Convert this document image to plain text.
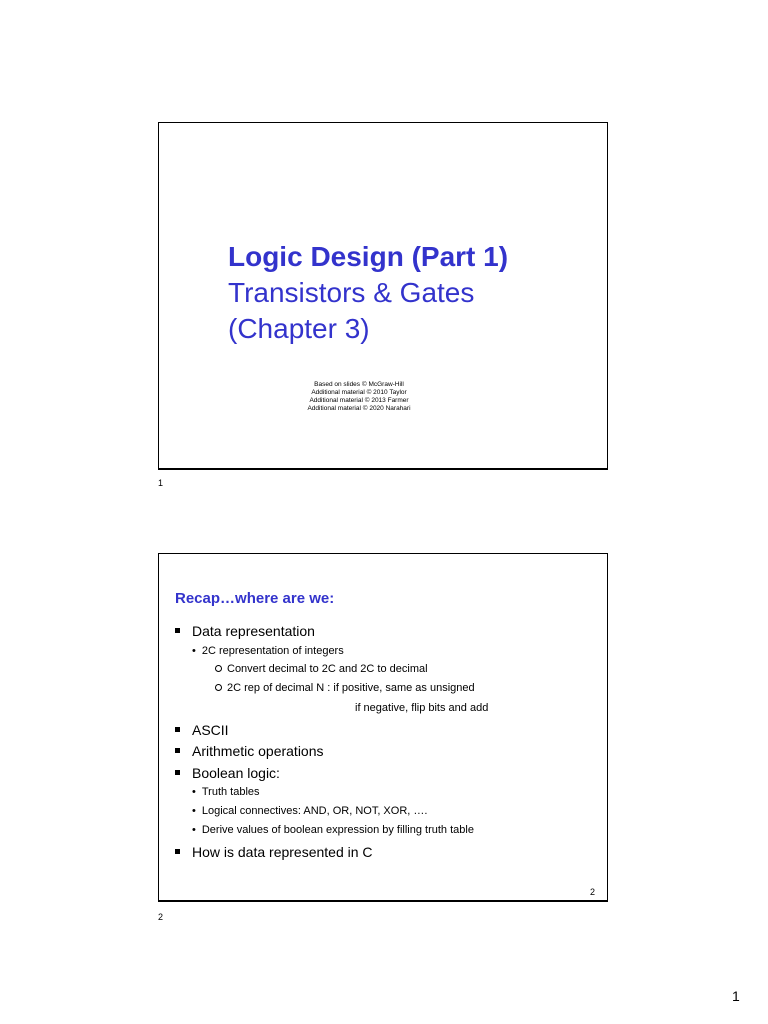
Logic Design (Part 1)
Transistors & Gates
(Chapter 3)
Based on slides © McGraw-Hill
Additional material © 2010 Taylor
Additional material © 2013 Farmer
Additional material © 2020 Narahari
1
Recap…where are we:
Data representation
• 2C representation of integers
Convert decimal to 2C and 2C to decimal
2C rep of decimal N : if positive, same as unsigned
if negative, flip bits and add
ASCII
Arithmetic operations
Boolean logic:
• Truth tables
• Logical connectives: AND, OR, NOT, XOR, ….
• Derive values of boolean expression by filling truth table
How is data represented in C
2
2
1
